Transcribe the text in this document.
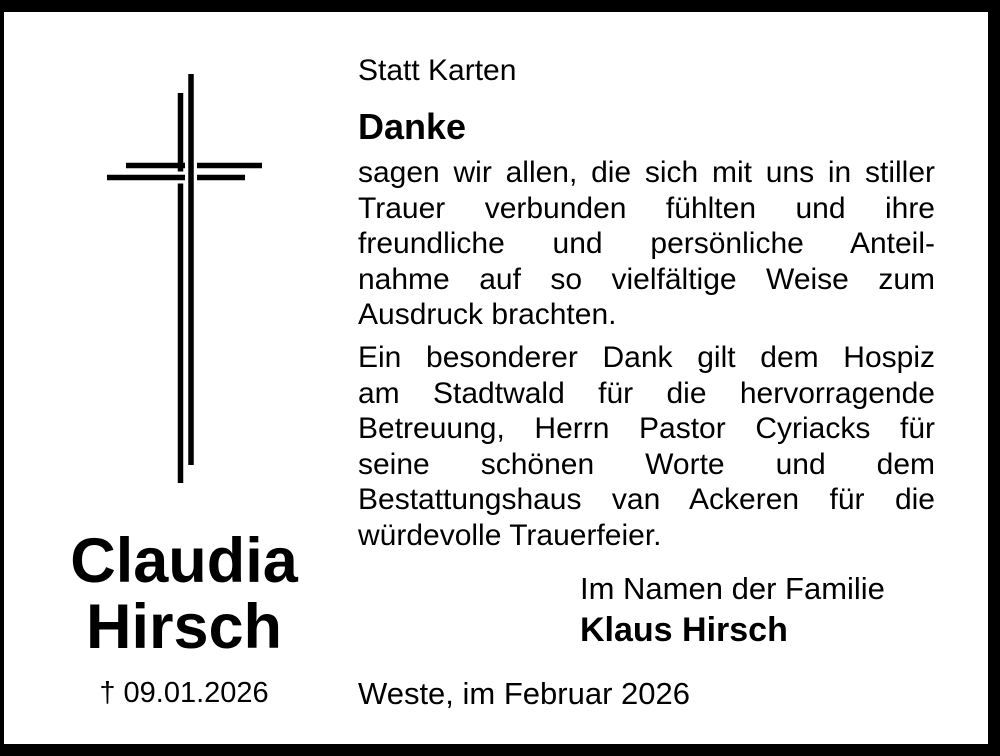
Claudia
Hirsch
† 09.01.2026
Statt Karten
Danke
sagen wir allen, die sich mit uns in stiller
Trauer verbunden fühlten und ihre
freundliche und persönliche Anteil-
nahme auf so vielfältige Weise zum
Ausdruck brachten.
Ein besonderer Dank gilt dem Hospiz
am Stadtwald für die hervorragende
Betreuung, Herrn Pastor Cyriacks für
seine schönen Worte und dem
Bestattungshaus van Ackeren für die
würdevolle Trauerfeier.
Im Namen der Familie
Klaus Hirsch
Weste, im Februar 2026
